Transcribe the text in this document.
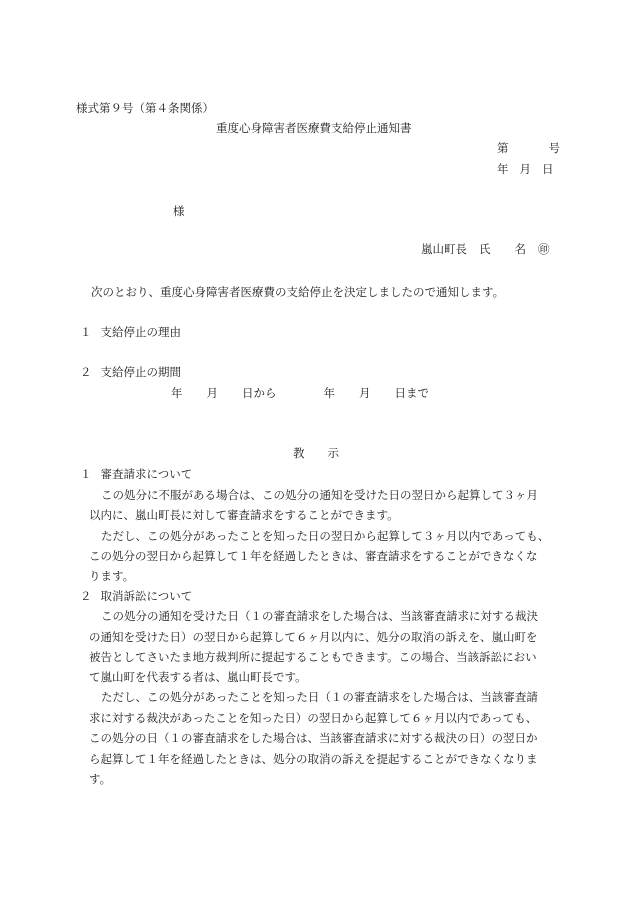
様式第９号（第４条関係）
重度心身障害者医療費支給停止通知書
第	号
年 月 日
様
嵐山町長 氏 名 ㊞
次のとおり、重度心身障害者医療費の支給停止を決定しましたので通知します。
１ 支給停止の理由
２ 支給停止の期間
年 月 日から	年 月 日まで
教 示
１ 審査請求について
この処分に不服がある場合は、この処分の通知を受けた日の翌日から起算して３ヶ月
以内に、嵐山町長に対して審査請求をすることができます。
ただし、この処分があったことを知った日の翌日から起算して３ヶ月以内であっても、
この処分の翌日から起算して１年を経過したときは、審査請求をすることができなくな
ります。
２ 取消訴訟について
この処分の通知を受けた日（１の審査請求をした場合は、当該審査請求に対する裁決
の通知を受けた日）の翌日から起算して６ヶ月以内に、処分の取消の訴えを、嵐山町を
被告としてさいたま地方裁判所に提起することもできます。この場合、当該訴訟におい
て嵐山町を代表する者は、嵐山町長です。
ただし、この処分があったことを知った日（１の審査請求をした場合は、当該審査請
求に対する裁決があったことを知った日）の翌日から起算して６ヶ月以内であっても、
この処分の日（１の審査請求をした場合は、当該審査請求に対する裁決の日）の翌日か
ら起算して１年を経過したときは、処分の取消の訴えを提起することができなくなりま
す。
